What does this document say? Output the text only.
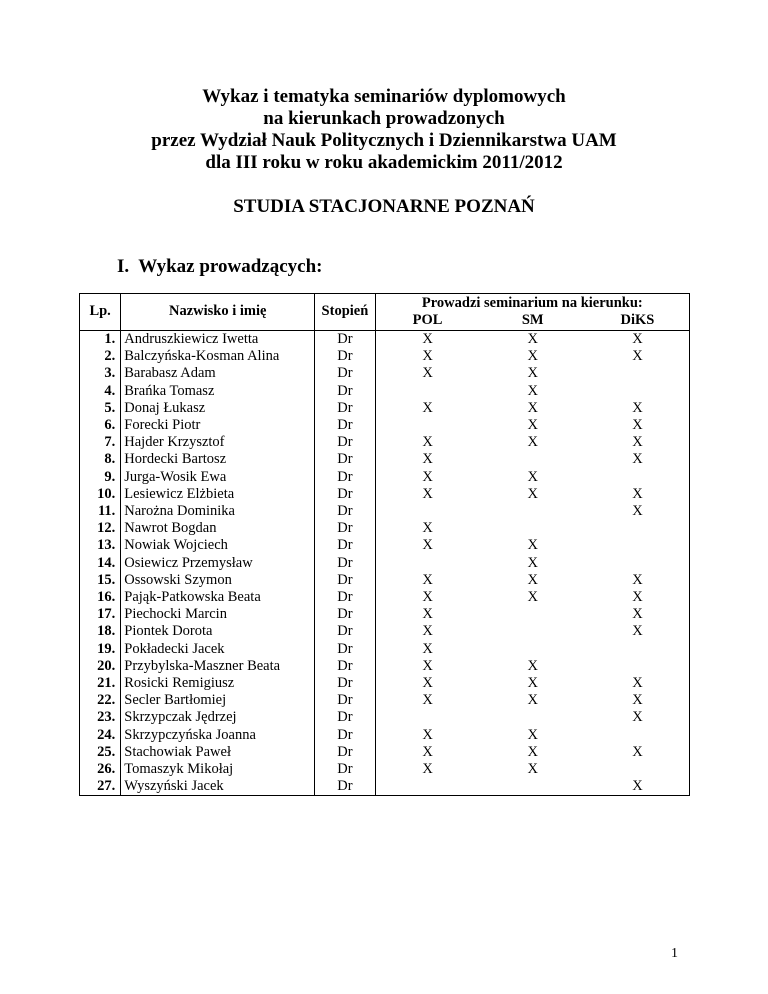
Wykaz i tematyka seminariów dyplomowych
na kierunkach prowadzonych
przez Wydział Nauk Politycznych i Dziennikarstwa UAM
dla III roku w roku akademickim 2011/2012
STUDIA STACJONARNE POZNAŃ
I.  Wykaz prowadzących:
Lp.	Nazwisko i imię	Stopień	Prowadzi seminarium na kierunku:		
			POL	SM	DiKS

1.	Andruszkiewicz Iwetta	Dr	X	X	X

2.	Balczyńska-Kosman Alina	Dr	X	X	X

3.	Barabasz Adam	Dr	X	X	

4.	Brańka Tomasz	Dr		X	

5.	Donaj Łukasz	Dr	X	X	X

6.	Forecki Piotr	Dr		X	X

7.	Hajder Krzysztof	Dr	X	X	X

8.	Hordecki Bartosz	Dr	X		X

9.	Jurga-Wosik Ewa	Dr	X	X	

10.	Lesiewicz Elżbieta	Dr	X	X	X

11.	Narożna Dominika	Dr			X

12.	Nawrot Bogdan	Dr	X		

13.	Nowiak Wojciech	Dr	X	X	

14.	Osiewicz Przemysław	Dr		X	

15.	Ossowski Szymon	Dr	X	X	X

16.	Pająk-Patkowska Beata	Dr	X	X	X

17.	Piechocki Marcin	Dr	X		X

18.	Piontek Dorota	Dr	X		X

19.	Pokładecki Jacek	Dr	X		

20.	Przybylska-Maszner Beata	Dr	X	X	

21.	Rosicki Remigiusz	Dr	X	X	X

22.	Secler Bartłomiej	Dr	X	X	X

23.	Skrzypczak Jędrzej	Dr			X

24.	Skrzypczyńska Joanna	Dr	X	X	

25.	Stachowiak Paweł	Dr	X	X	X

26.	Tomaszyk Mikołaj	Dr	X	X	

27.	Wyszyński Jacek	Dr			X
1
